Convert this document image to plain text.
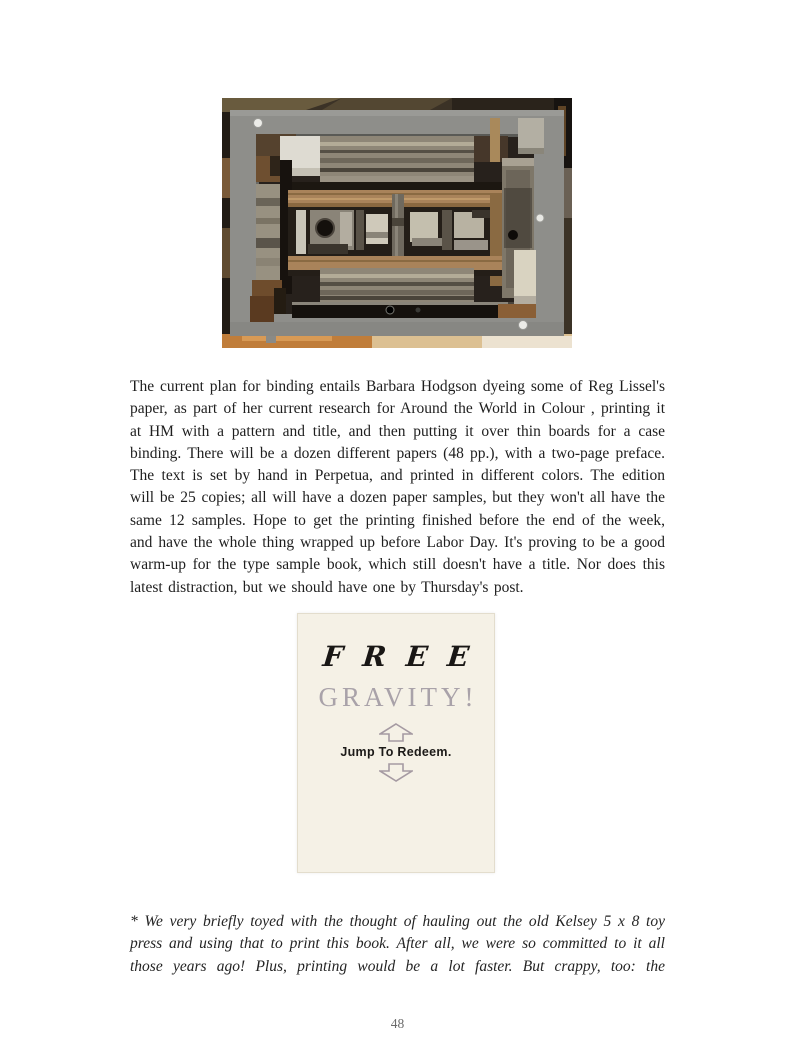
The current plan for binding entails Barbara Hodgson dyeing some of Reg Lissel's paper, as part of her current research for Around the World in Colour , printing it at HM with a pattern and title, and then putting it over thin boards for a case binding. There will be a dozen different papers (48 pp.), with a two-page preface. The text is set by hand in Perpetua, and printed in different colors. The edition will be 25 copies; all will have a dozen paper samples, but they won't all have the same 12 samples. Hope to get the printing finished before the end of the week, and have the whole thing wrapped up before Labor Day. It's proving to be a good warm-up for the type sample book, which still doesn't have a title. Nor does this latest distraction, but we should have one by Thursday's post.

FREE
GRAVITY!
Jump To Redeem.

* We very briefly toyed with the thought of hauling out the old Kelsey 5 x 8 toy press and using that to print this book. After all, we were so committed to it all those years ago! Plus, printing would be a lot faster. But crappy, too: the

48
